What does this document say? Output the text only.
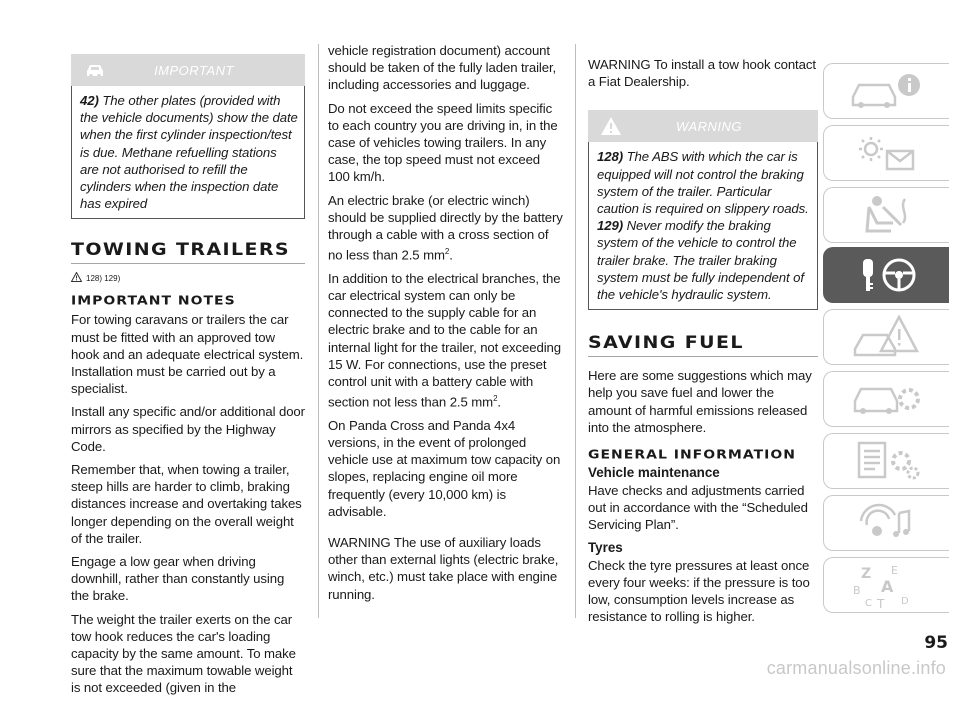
IMPORTANT

42) The other plates (provided with the vehicle documents) show the date when the first cylinder inspection/test is due. Methane refuelling stations are not authorised to refill the cylinders when the inspection date has expired

TOWING TRAILERS
128) 129)
IMPORTANT NOTES

For towing caravans or trailers the car must be fitted with an approved tow hook and an adequate electrical system. Installation must be carried out by a specialist.

Install any specific and/or additional door mirrors as specified by the Highway Code.

Remember that, when towing a trailer, steep hills are harder to climb, braking distances increase and overtaking takes longer depending on the overall weight of the trailer.

Engage a low gear when driving downhill, rather than constantly using the brake.

The weight the trailer exerts on the car tow hook reduces the car's loading capacity by the same amount. To make sure that the maximum towable weight is not exceeded (given in the

vehicle registration document) account should be taken of the fully laden trailer, including accessories and luggage.

Do not exceed the speed limits specific to each country you are driving in, in the case of vehicles towing trailers. In any case, the top speed must not exceed 100 km/h.

An electric brake (or electric winch) should be supplied directly by the battery through a cable with a cross section of no less than 2.5 $mm^2$.

In addition to the electrical branches, the car electrical system can only be connected to the supply cable for an electric brake and to the cable for an internal light for the trailer, not exceeding 15 W. For connections, use the preset control unit with a battery cable with section not less than 2.5 $mm^2$.

On Panda Cross and Panda 4x4 versions, in the event of prolonged vehicle use at maximum tow capacity on slopes, replacing engine oil more frequently (every 10,000 km) is advisable.

WARNING The use of auxiliary loads other than external lights (electric brake, winch, etc.) must take place with engine running.

WARNING To install a tow hook contact a Fiat Dealership.

WARNING

128) The ABS with which the car is equipped will not control the braking system of the trailer. Particular caution is required on slippery roads.

129) Never modify the braking system of the vehicle to control the trailer brake. The trailer braking system must be fully independent of the vehicle's hydraulic system.

SAVING FUEL

Here are some suggestions which may help you save fuel and lower the amount of harmful emissions released into the atmosphere.

GENERAL INFORMATION
Vehicle maintenance

Have checks and adjustments carried out in accordance with the “Scheduled Servicing Plan”.

Tyres

Check the tyre pressures at least once every four weeks: if the pressure is too low, consumption levels increase as resistance to rolling is higher.

Z E
B A
C T D
95
carmanualsonline.info
